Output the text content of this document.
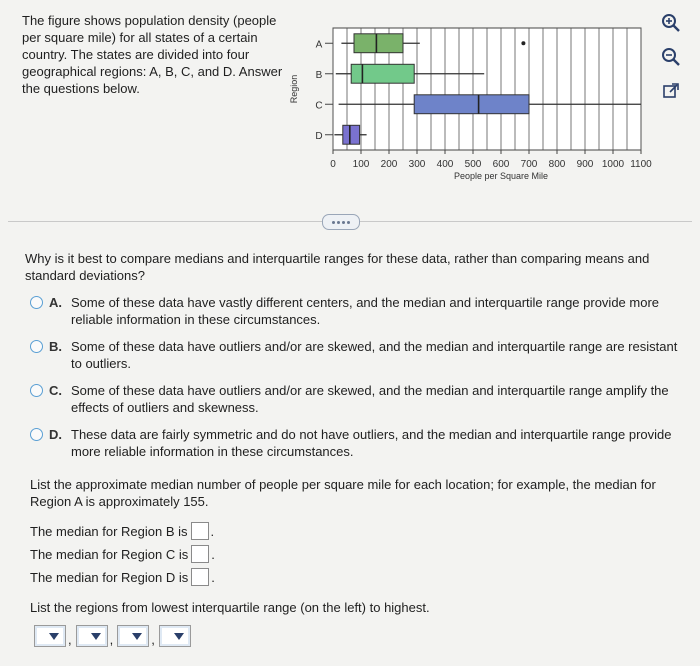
The figure shows population density (people per square mile) for all states of a certain country. The states are divided into four geographical regions: A, B, C, and D. Answer the questions below.
0 100 200 300 400 500 600 700 800 900 1000 1100
People per Square Mile
Region
A
B
C
D
Why is it best to compare medians and interquartile ranges for these data, rather than comparing means and standard deviations?
A. Some of these data have vastly different centers, and the median and interquartile range provide more reliable information in these circumstances.
B. Some of these data have outliers and/or are skewed, and the median and interquartile range are resistant to outliers.
C. Some of these data have outliers and/or are skewed, and the median and interquartile range amplify the effects of outliers and skewness.
D. These data are fairly symmetric and do not have outliers, and the median and interquartile range provide more reliable information in these circumstances.
List the approximate median number of people per square mile for each location; for example, the median for Region A is approximately 155.
The median for Region B is .
The median for Region C is .
The median for Region D is .
List the regions from lowest interquartile range (on the left) to highest.
,	,	,
